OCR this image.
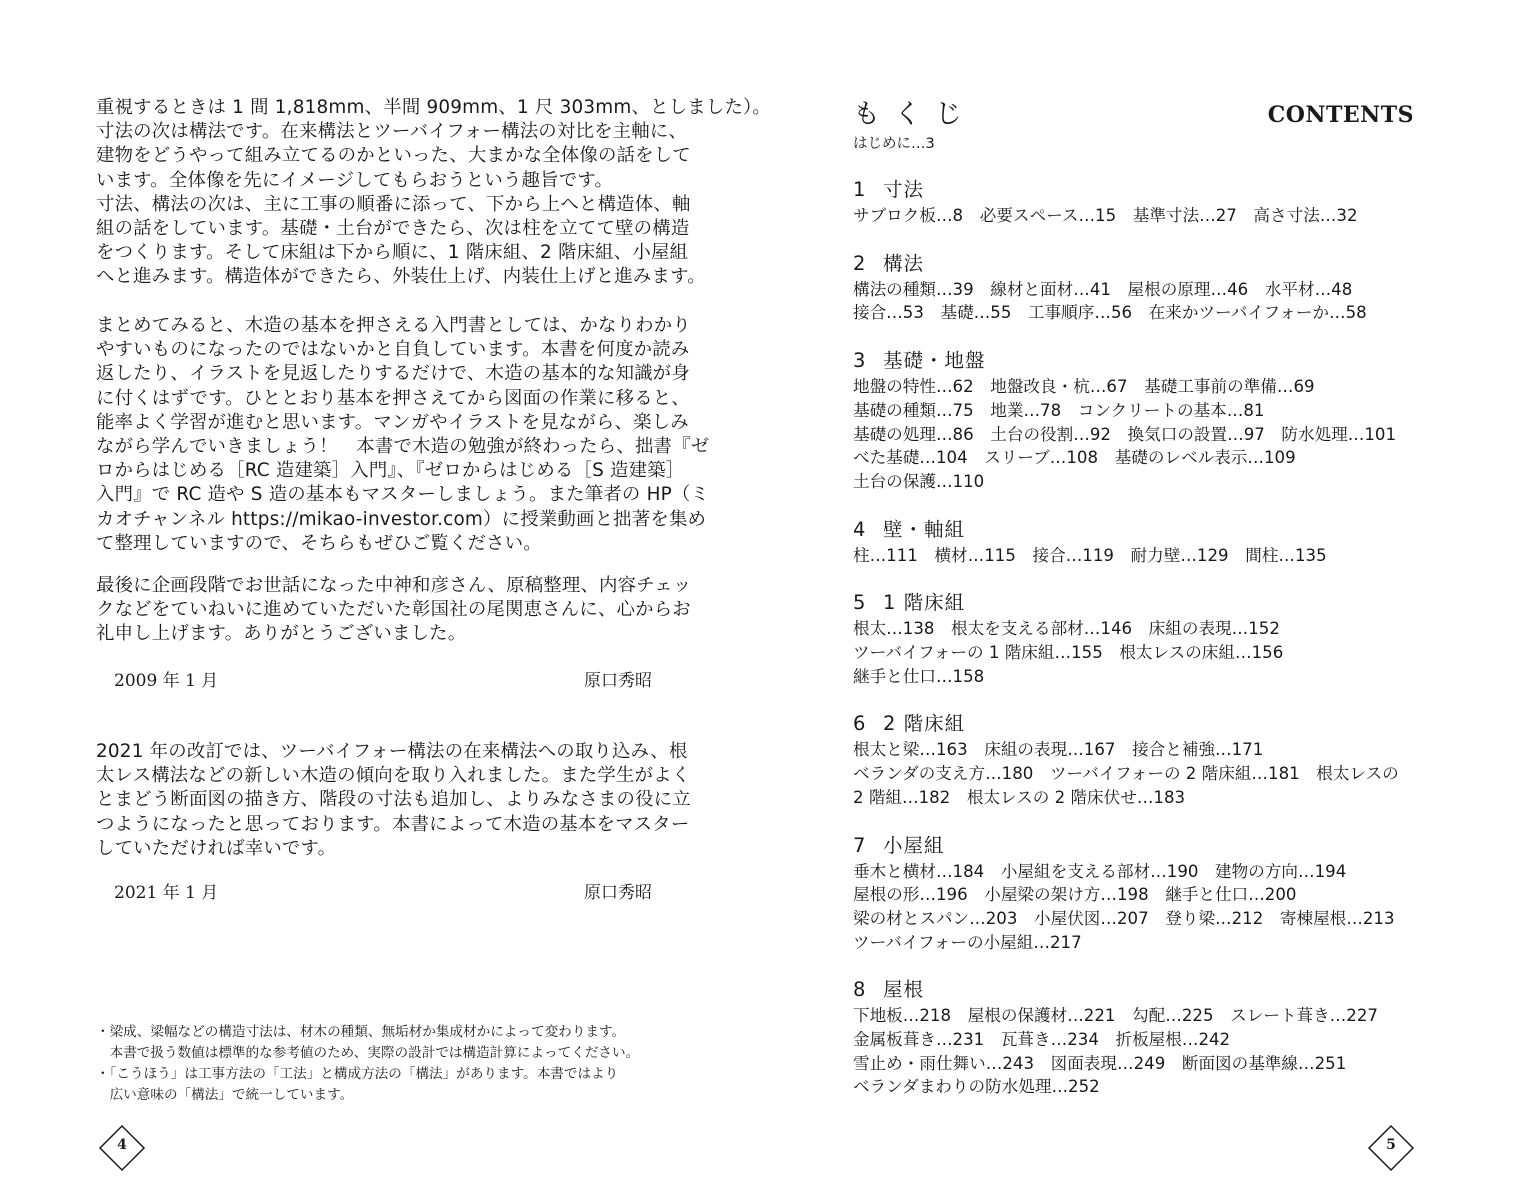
重視するときは 1 間 1,818mm、半間 909mm、1 尺 303mm、としました）。

寸法の次は構法です。在来構法とツーバイフォー構法の対比を主軸に、

建物をどうやって組み立てるのかといった、大まかな全体像の話をして

います。全体像を先にイメージしてもらおうという趣旨です。

寸法、構法の次は、主に工事の順番に添って、下から上へと構造体、軸

組の話をしています。基礎・土台ができたら、次は柱を立てて壁の構造

をつくります。そして床組は下から順に、1 階床組、2 階床組、小屋組

へと進みます。構造体ができたら、外装仕上げ、内装仕上げと進みます。

まとめてみると、木造の基本を押さえる入門書としては、かなりわかり

やすいものになったのではないかと自負しています。本書を何度か読み

返したり、イラストを見返したりするだけで、木造の基本的な知識が身

に付くはずです。ひととおり基本を押さえてから図面の作業に移ると、

能率よく学習が進むと思います。マンガやイラストを見ながら、楽しみ

ながら学んでいきましょう！　本書で木造の勉強が終わったら、拙書『ゼ

ロからはじめる［RC 造建築］入門』、『ゼロからはじめる［S 造建築］

入門』で RC 造や S 造の基本もマスターしましょう。また筆者の HP（ミ

カオチャンネル https://mikao-investor.com）に授業動画と拙著を集め

て整理していますので、そちらもぜひご覧ください。

最後に企画段階でお世話になった中神和彦さん、原稿整理、内容チェッ

クなどをていねいに進めていただいた彰国社の尾関恵さんに、心からお

礼申し上げます。ありがとうございました。

2009 年 1 月	原口秀昭

2021 年の改訂では、ツーバイフォー構法の在来構法への取り込み、根

太レス構法などの新しい木造の傾向を取り入れました。また学生がよく

とまどう断面図の描き方、階段の寸法も追加し、よりみなさまの役に立

つようになったと思っております。本書によって木造の基本をマスター

していただければ幸いです。

2021 年 1 月	原口秀昭

・梁成、梁幅などの構造寸法は、材木の種類、無垢材か集成材かによって変わります。

　本書で扱う数値は標準的な参考値のため、実際の設計では構造計算によってください。

・「こうほう」は工事方法の「工法」と構成方法の「構法」があります。本書ではより

　広い意味の「構法」で統一しています。

4
もくじ	CONTENTS
はじめに…3
1 寸法
サブロク板…8　必要スペース…15　基準寸法…27　高さ寸法…32
2 構法
構法の種類…39　線材と面材…41　屋根の原理…46　水平材…48
接合…53　基礎…55　工事順序…56　在来かツーバイフォーか…58
3 基礎・地盤
地盤の特性…62　地盤改良・杭…67　基礎工事前の準備…69
基礎の種類…75　地業…78　コンクリートの基本…81
基礎の処理…86　土台の役割…92　換気口の設置…97　防水処理…101
べた基礎…104　スリーブ…108　基礎のレベル表示…109
土台の保護…110
4 壁・軸組
柱…111　横材…115　接合…119　耐力壁…129　間柱…135
5 1 階床組
根太…138　根太を支える部材…146　床組の表現…152
ツーバイフォーの 1 階床組…155　根太レスの床組…156
継手と仕口…158
6 2 階床組
根太と梁…163　床組の表現…167　接合と補強…171
ベランダの支え方…180　ツーバイフォーの 2 階床組…181　根太レスの
2 階組…182　根太レスの 2 階床伏せ…183
7 小屋組
垂木と横材…184　小屋組を支える部材…190　建物の方向…194
屋根の形…196　小屋梁の架け方…198　継手と仕口…200
梁の材とスパン…203　小屋伏図…207　登り梁…212　寄棟屋根…213
ツーバイフォーの小屋組…217
8 屋根
下地板…218　屋根の保護材…221　勾配…225　スレート葺き…227
金属板葺き…231　瓦葺き…234　折板屋根…242
雪止め・雨仕舞い…243　図面表現…249　断面図の基準線…251
ベランダまわりの防水処理…252
5
